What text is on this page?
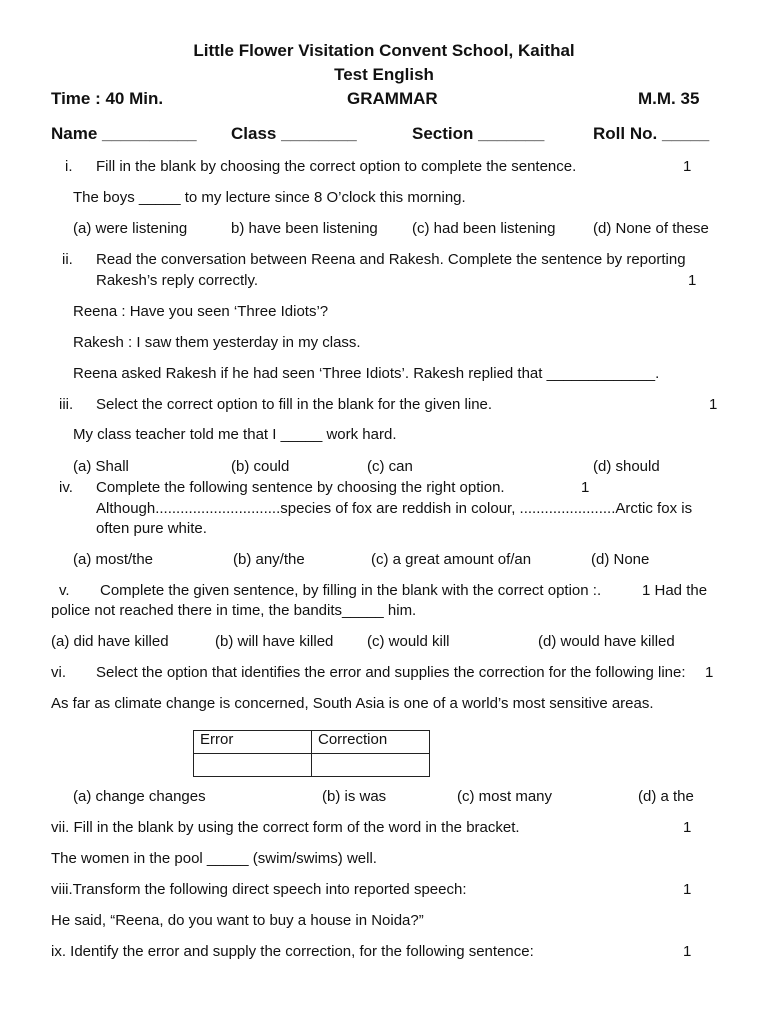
Little Flower Visitation Convent School, Kaithal
Test English
Time : 40 Min.	GRAMMAR	M.M. 35
Name __________ Class ________	Section _______	Roll No. _____
i. Fill in the blank by choosing the correct option to complete the sentence.	1
The boys _____ to my lecture since 8 O’clock this morning.
(a) were listening	b) have been listening (c) had been listening	(d) None of these
ii. Read the conversation between Reena and Rakesh. Complete the sentence by reporting
Rakesh’s reply correctly.	1
Reena : Have you seen ‘Three Idiots’?
Rakesh : I saw them yesterday in my class.
Reena asked Rakesh if he had seen ‘Three Idiots’. Rakesh replied that _____________.
iii. Select the correct option to fill in the blank for the given line.	1
My class teacher told me that I _____ work hard.
(a) Shall	(b) could	(c) can	(d) should
iv. Complete the following sentence by choosing the right option.	1
Although..............................species of fox are reddish in colour, .......................Arctic fox is
often pure white.
(a) most/the	(b) any/the	(c) a great amount of/an	(d) None
v. Complete the given sentence, by filling in the blank with the correct option :.	1 Had the
police not reached there in time, the bandits_____ him.
(a) did have killed	(b) will have killed (c) would kill	(d) would have killed
vi. Select the option that identifies the error and supplies the correction for the following line: 1
As far as climate change is concerned, South Asia is one of a world’s most sensitive areas.
Error	Correction

(a) change changes	(b) is was	(c) most many	(d) a the
vii. Fill in the blank by using the correct form of the word in the bracket.	1
The women in the pool _____ (swim/swims) well.
viii.Transform the following direct speech into reported speech:	1
He said, “Reena, do you want to buy a house in Noida?”
ix. Identify the error and supply the correction, for the following sentence:	1
